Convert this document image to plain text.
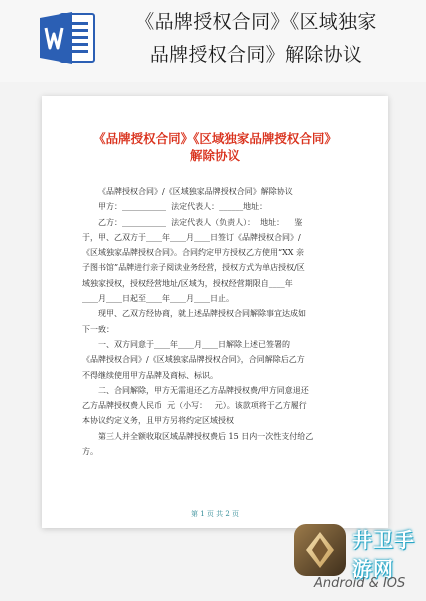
《品牌授权合同》《区域独家
品牌授权合同》解除协议
《品牌授权合同》《区域独家品牌授权合同》
解除协议

《品牌授权合同》/《区域独家品牌授权合同》解除协议

甲方：___________  法定代表人：______地址：

乙方：___________  法定代表人（负责人）：  地址：    鉴

于，甲、乙双方于____年____月____日签订《品牌授权合同》/

《区域独家品牌授权合同》。合同约定甲方授权乙方使用“XX 亲

子图书馆”品牌进行亲子阅读业务经营，授权方式为单店授权/区

域独家授权，授权经营地址/区域为，授权经营期限自____年

____月____日起至____年____月____日止。

现甲、乙双方经协商，就上述品牌授权合同解除事宜达成如

下一致：

一、双方同意于____年____月____日解除上述已签署的

《品牌授权合同》/《区域独家品牌授权合同》，合同解除后乙方

不得继续使用甲方品牌及商标、标识。

二、合同解除，甲方无需退还乙方品牌授权费/甲方同意退还

乙方品牌授权费人民币  元（小写：   元）。该款项将于乙方履行

本协议约定义务，且甲方另将约定区域授权

第三人并全额收取区域品牌授权费后 15 日内一次性支付给乙

方。

第 1 页 共 2 页
井卫手游网
Android & IOS
